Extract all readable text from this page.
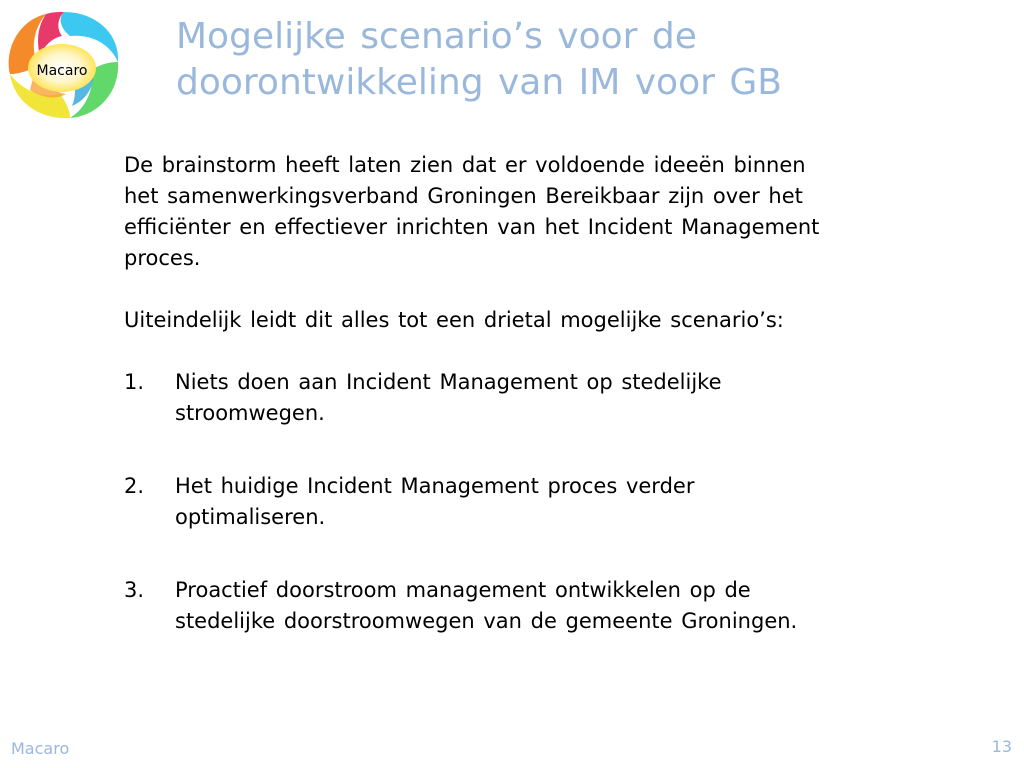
Macaro
Mogelijke scenario’s voor de
doorontwikkeling van IM voor GB

De brainstorm heeft laten zien dat er voldoende ideeën binnen
het samenwerkingsverband Groningen Bereikbaar zijn over het
efficiënter en effectiever inrichten van het Incident Management
proces.

Uiteindelijk leidt dit alles tot een drietal mogelijke scenario’s:

1. Niets doen aan Incident Management op stedelijke
stroomwegen.
2. Het huidige Incident Management proces verder
optimaliseren.
3. Proactief doorstroom management ontwikkelen op de
stedelijke doorstroomwegen van de gemeente Groningen.
Macaro	13
